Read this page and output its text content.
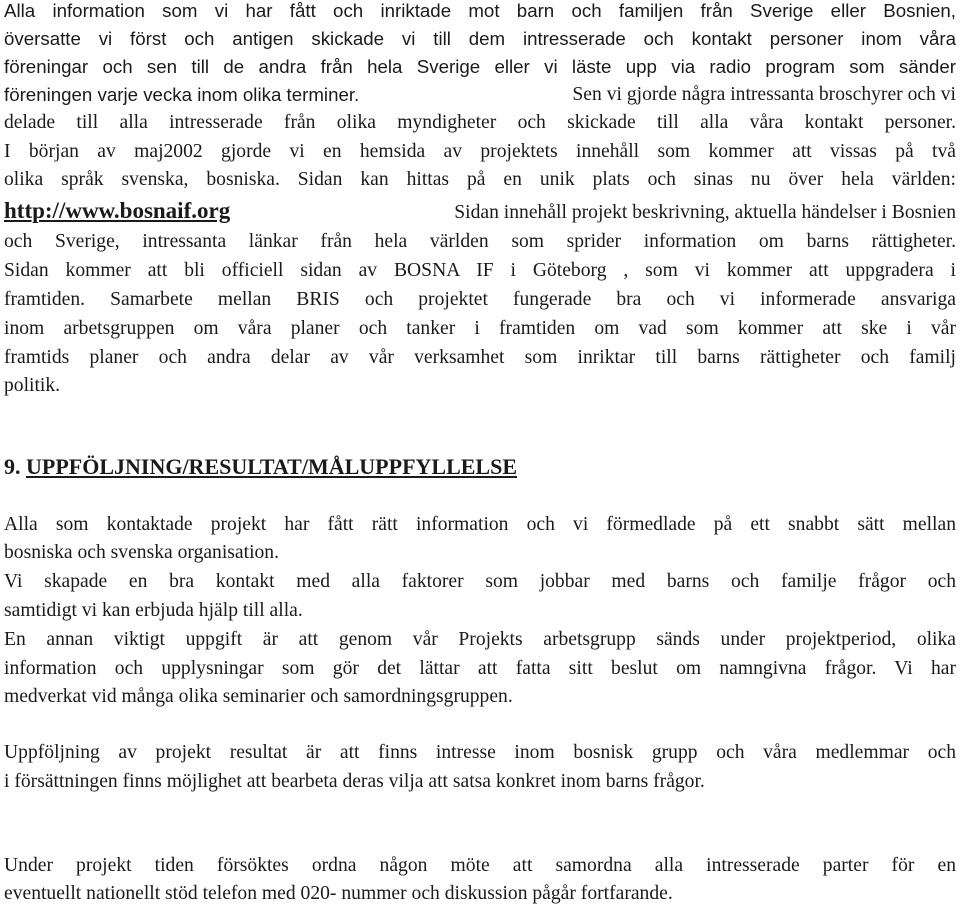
Alla information som vi har fått och inriktade mot barn och familjen från Sverige eller Bosnien,
översatte vi först och antigen skickade vi till dem intresserade och kontakt personer inom våra
föreningar och sen till de andra från hela Sverige eller vi läste upp via radio program som sänder
föreningen varje vecka inom olika terminer.	Sen vi gjorde några intressanta broschyrer och vi
delade till alla intresserade från olika myndigheter och skickade till alla våra kontakt personer.
I början av maj2002 gjorde vi en hemsida av projektets innehåll som kommer att vissas på två
olika språk svenska, bosniska. Sidan kan hittas på en unik plats och sinas nu över hela världen:
http://www.bosnaif.org	Sidan innehåll projekt beskrivning, aktuella händelser i Bosnien
och Sverige, intressanta länkar från hela världen som sprider information om barns rättigheter.
Sidan kommer att bli officiell sidan av BOSNA IF i Göteborg , som vi kommer att uppgradera i
framtiden. Samarbete mellan BRIS och projektet fungerade bra och vi informerade ansvariga
inom arbetsgruppen om våra planer och tanker i framtiden om vad som kommer att ske i vår
framtids planer och andra delar av vår verksamhet som inriktar till barns rättigheter och familj
politik.
9. UPPFÖLJNING/RESULTAT/MÅLUPPFYLLELSE
Alla som kontaktade projekt har fått rätt information och vi förmedlade på ett snabbt sätt mellan
bosniska och svenska organisation.
Vi skapade en bra kontakt med alla faktorer som jobbar med barns och familje frågor och
samtidigt vi kan erbjuda hjälp till alla.
En annan viktigt uppgift är att genom vår Projekts arbetsgrupp sänds under projektperiod, olika
information och upplysningar som gör det lättar att fatta sitt beslut om namngivna frågor. Vi har
medverkat vid många olika seminarier och samordningsgruppen.
Uppföljning av projekt resultat är att finns intresse inom bosnisk grupp och våra medlemmar och
i försättningen finns möjlighet att bearbeta deras vilja att satsa konkret inom barns frågor.
Under projekt tiden försöktes ordna någon möte att samordna alla intresserade parter för en
eventuellt nationellt stöd telefon med 020- nummer och diskussion pågår fortfarande.
